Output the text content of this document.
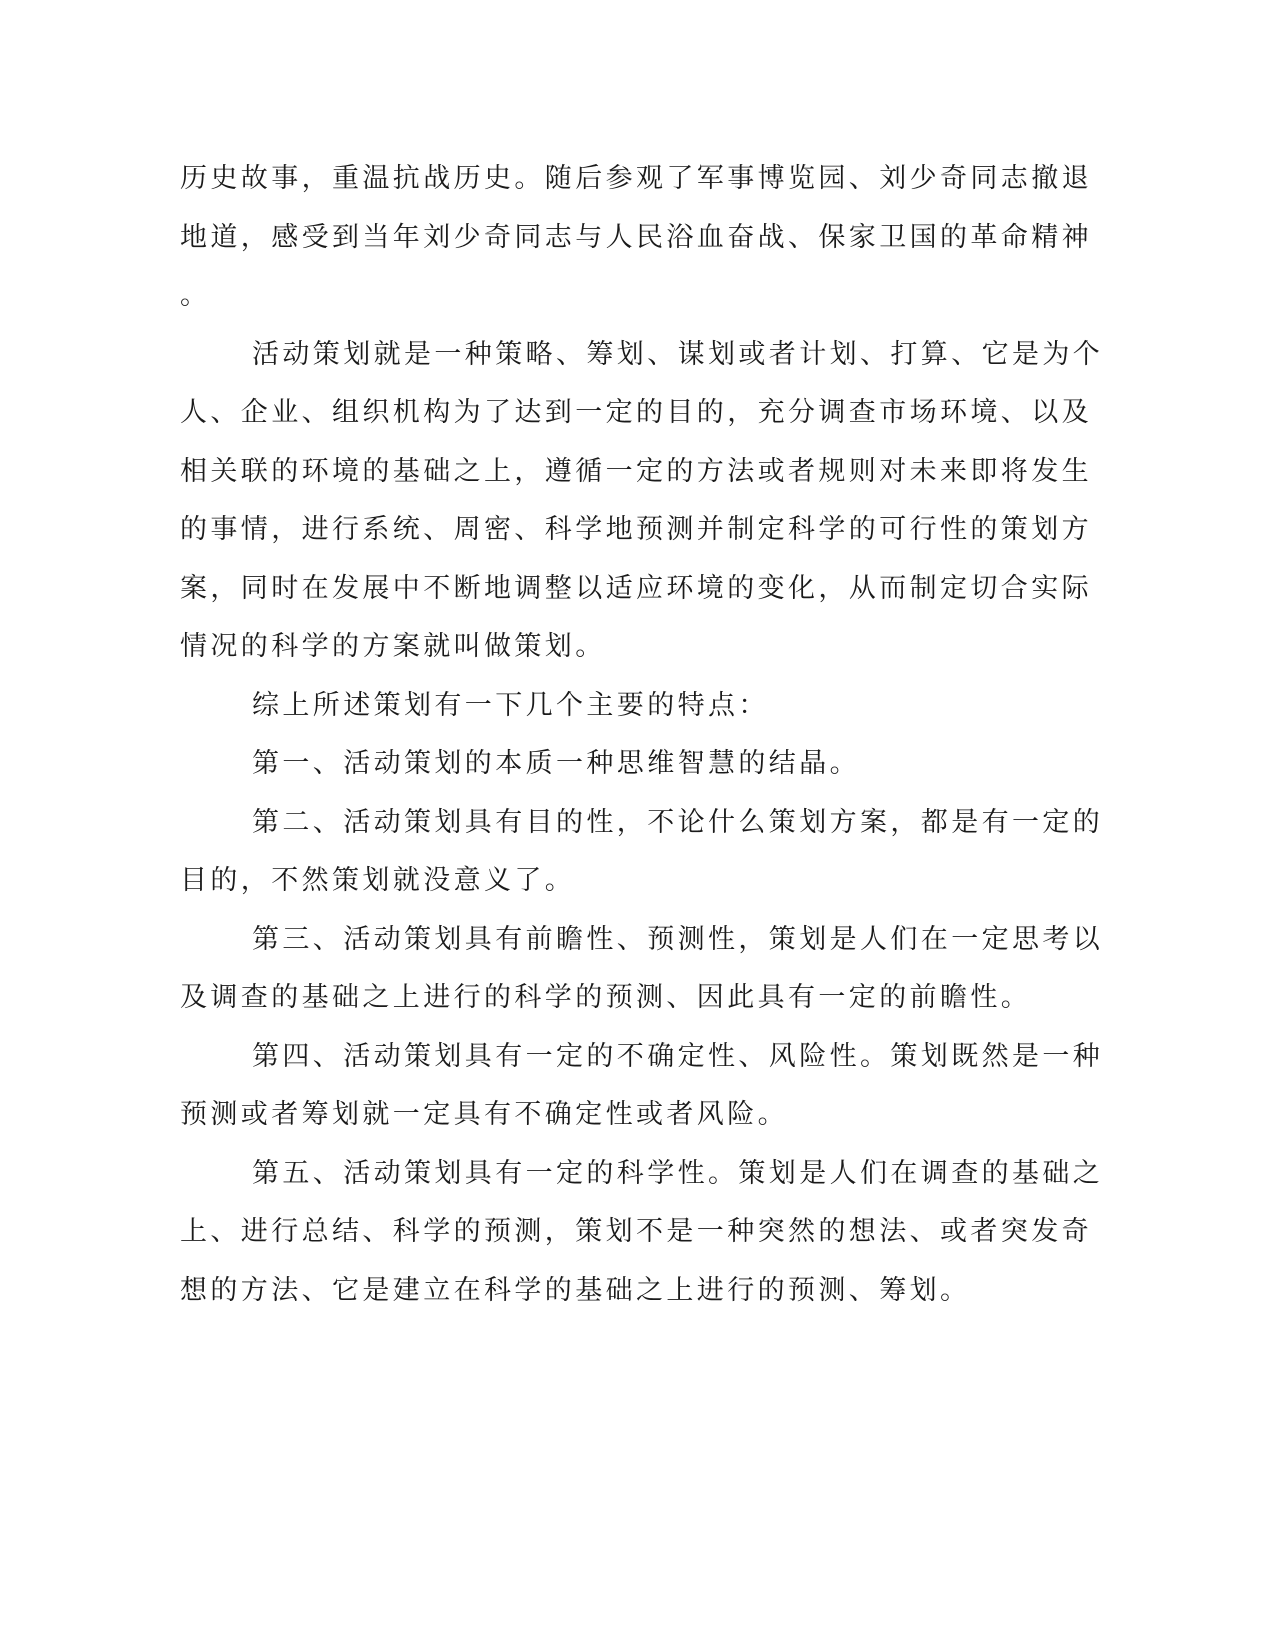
历史故事，重温抗战历史。随后参观了军事博览园、刘少奇同志撤退
地道，感受到当年刘少奇同志与人民浴血奋战、保家卫国的革命精神
。

活动策划就是一种策略、筹划、谋划或者计划、打算、它是为个
人、企业、组织机构为了达到一定的目的，充分调查市场环境、以及
相关联的环境的基础之上，遵循一定的方法或者规则对未来即将发生
的事情，进行系统、周密、科学地预测并制定科学的可行性的策划方
案，同时在发展中不断地调整以适应环境的变化，从而制定切合实际
情况的科学的方案就叫做策划。

综上所述策划有一下几个主要的特点：

第一、活动策划的本质一种思维智慧的结晶。

第二、活动策划具有目的性，不论什么策划方案，都是有一定的
目的，不然策划就没意义了。

第三、活动策划具有前瞻性、预测性，策划是人们在一定思考以
及调查的基础之上进行的科学的预测、因此具有一定的前瞻性。

第四、活动策划具有一定的不确定性、风险性。策划既然是一种
预测或者筹划就一定具有不确定性或者风险。

第五、活动策划具有一定的科学性。策划是人们在调查的基础之
上、进行总结、科学的预测，策划不是一种突然的想法、或者突发奇
想的方法、它是建立在科学的基础之上进行的预测、筹划。
